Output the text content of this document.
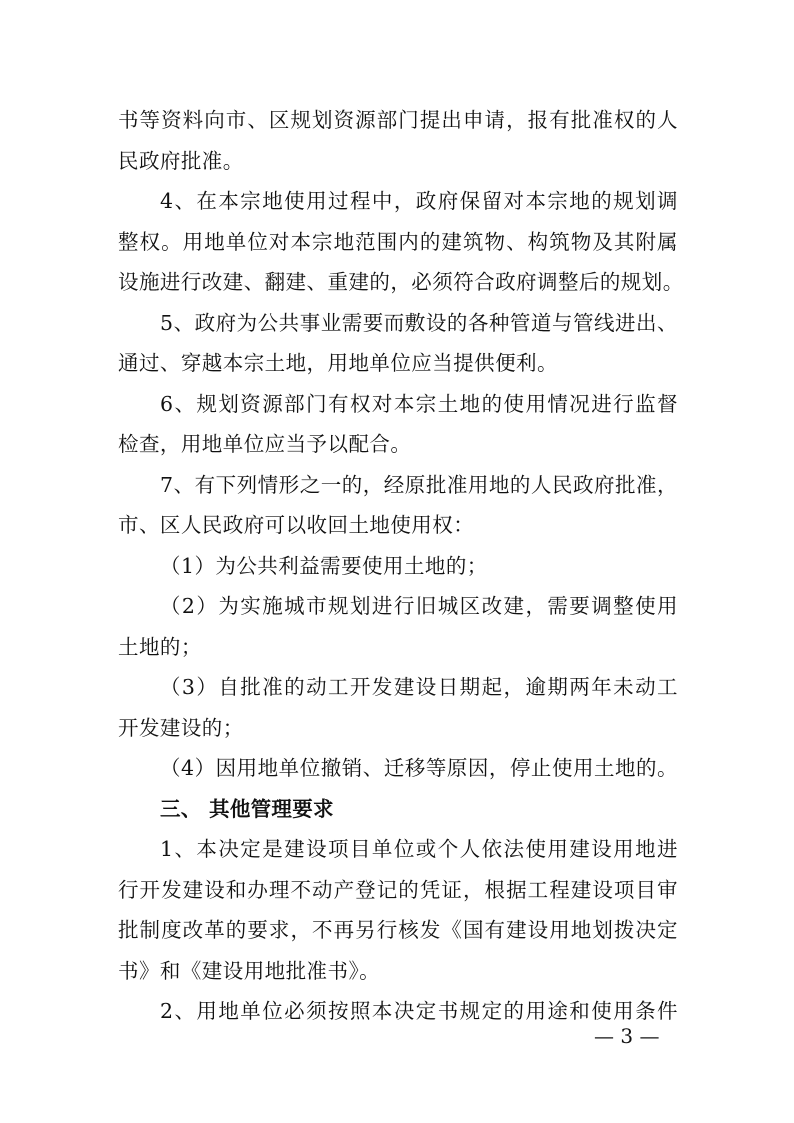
书等资料向市、区规划资源部门提出申请，报有批准权的人
民政府批准。
4、在本宗地使用过程中，政府保留对本宗地的规划调
整权。用地单位对本宗地范围内的建筑物、构筑物及其附属
设施进行改建、翻建、重建的，必须符合政府调整后的规划。
5、政府为公共事业需要而敷设的各种管道与管线进出、
通过、穿越本宗土地，用地单位应当提供便利。
6、规划资源部门有权对本宗土地的使用情况进行监督
检查，用地单位应当予以配合。
7、有下列情形之一的，经原批准用地的人民政府批准，
市、区人民政府可以收回土地使用权：
（1）为公共利益需要使用土地的；
（2）为实施城市规划进行旧城区改建，需要调整使用
土地的；
（3）自批准的动工开发建设日期起，逾期两年未动工
开发建设的；
（4）因用地单位撤销、迁移等原因，停止使用土地的。
三、 其他管理要求
1、本决定是建设项目单位或个人依法使用建设用地进
行开发建设和办理不动产登记的凭证，根据工程建设项目审
批制度改革的要求，不再另行核发《国有建设用地划拨决定
书》和《建设用地批准书》。
2、用地单位必须按照本决定书规定的用途和使用条件
— 3 —
